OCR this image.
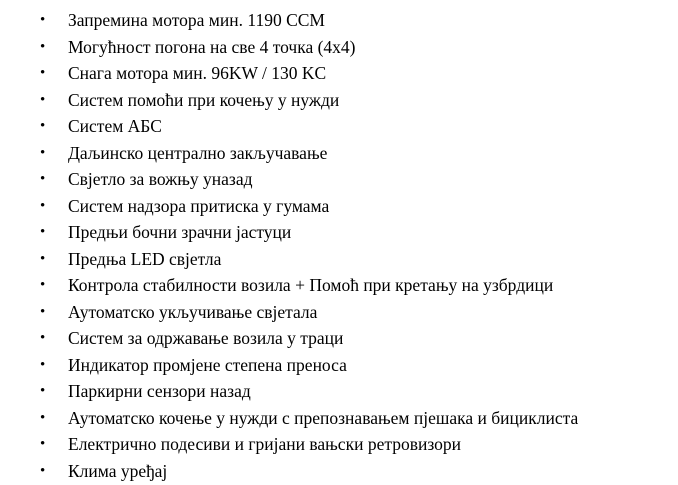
• Запремина мотора мин. 1190 CCM
• Могућност погона на све 4 точка (4x4)
• Снага мотора мин. 96KW / 130 KC
• Систем помоћи при кочењу у нужди
• Систем АБС
• Даљинско централно закључавање
• Свјетло за вожњу уназад
• Систем надзора притиска у гумама
• Предњи бочни зрачни јастуци
• Предња LED свјетла
• Контрола стабилности возила + Помоћ при кретању на узбрдици
• Аутоматско укључивање свјетала
• Систем за одржавање возила у траци
• Индикатор промјене степена преноса
• Паркирни сензори назад
• Аутоматско кочење у нужди с препознавањем пјешака и бициклиста
• Електрично подесиви и гријани вањски ретровизори
• Клима уређај
